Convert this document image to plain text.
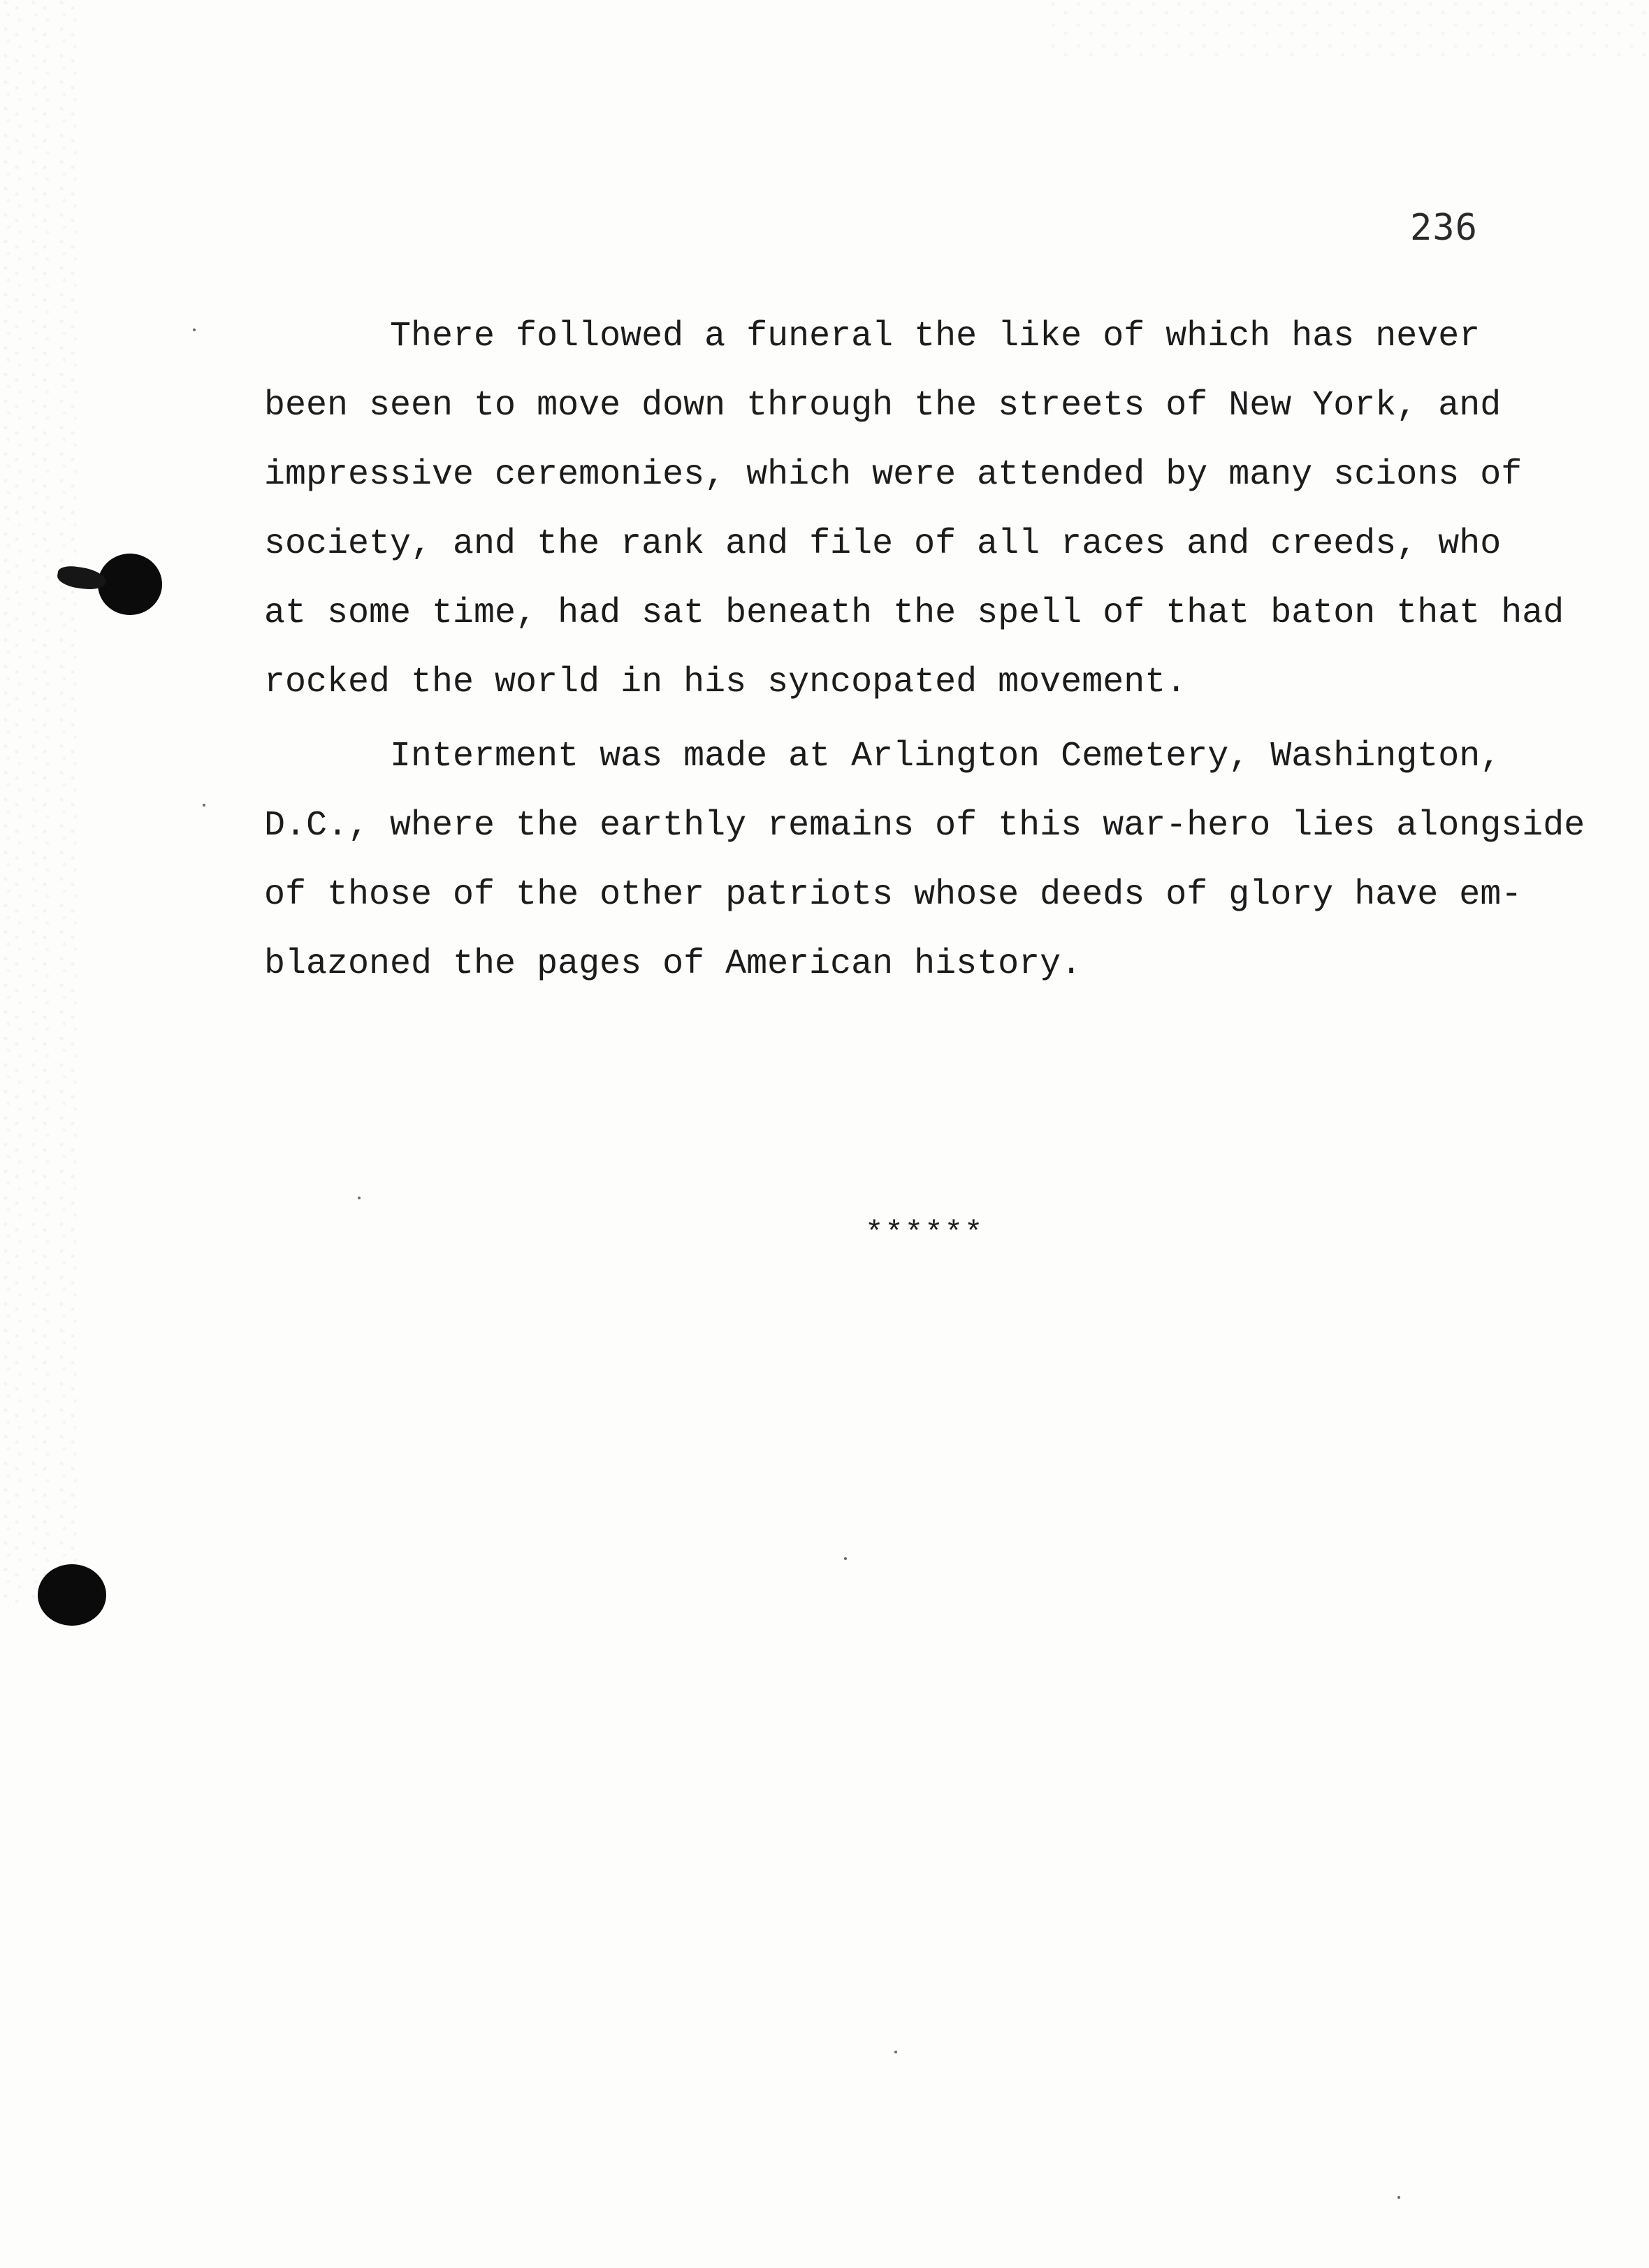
236

There followed a funeral the like of which has never
been seen to move down through the streets of New York, and
impressive ceremonies, which were attended by many scions of
society, and the rank and file of all races and creeds, who
at some time, had sat beneath the spell of that baton that had
rocked the world in his syncopated movement.

Interment was made at Arlington Cemetery, Washington,
D.C., where the earthly remains of this war-hero lies alongside
of those of the other patriots whose deeds of glory have em-
blazoned the pages of American history.

******
